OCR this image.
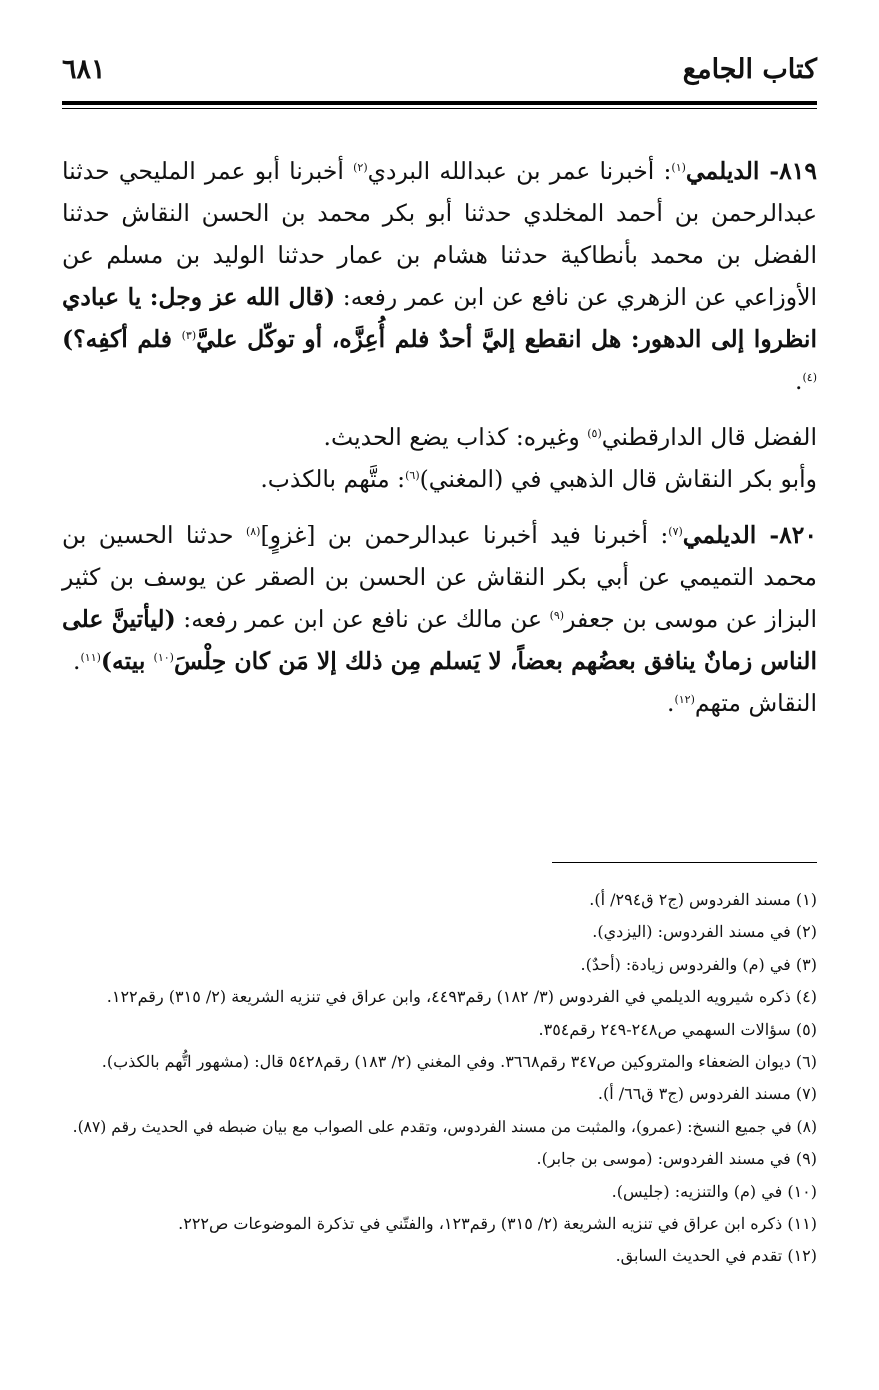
٦٨١	كتاب الجامع

٨١٩- الديلمي$^{(١)}$: أخبرنا عمر بن عبدالله البردي$^{(٢)}$ أخبرنا أبو عمر المليحي حدثنا عبدالرحمن بن أحمد المخلدي حدثنا أبو بكر محمد بن الحسن النقاش حدثنا الفضل بن محمد بأنطاكية حدثنا هشام بن عمار حدثنا الوليد بن مسلم عن الأوزاعي عن الزهري عن نافع عن ابن عمر رفعه: (قال الله عز وجل: يا عبادي انظروا إلى الدهور: هل انقطع إليَّ أحدٌ فلم أُعِزَّه، أو توكّل عليَّ$^{(٣)}$ فلم أكفِه؟)$^{(٤)}$.

الفضل قال الدارقطني$^{(٥)}$ وغيره: كذاب يضع الحديث.

وأبو بكر النقاش قال الذهبي في (المغني)$^{(٦)}$: متَّهم بالكذب.

٨٢٠- الديلمي$^{(٧)}$: أخبرنا فيد أخبرنا عبدالرحمن بن [غزوٍ]$^{(٨)}$ حدثنا الحسين بن محمد التميمي عن أبي بكر النقاش عن الحسن بن الصقر عن يوسف بن كثير البزاز عن موسى بن جعفر$^{(٩)}$ عن مالك عن نافع عن ابن عمر رفعه: (ليأتينَّ على الناس زمانٌ ينافق بعضُهم بعضاً، لا يَسلم مِن ذلك إلا مَن كان حِلْسَ$^{(١٠)}$ بيته)$^{(١١)}$.

النقاش متهم$^{(١٢)}$.

(١) مسند الفردوس (ج٢ ق٢٩٤/ أ).

(٢) في مسند الفردوس: (اليزدي).

(٣) في (م) والفردوس زيادة: (أحدٌ).

(٤) ذكره شيرويه الديلمي في الفردوس (٣/ ١٨٢) رقم٤٤٩٣، وابن عراق في تنزيه الشريعة (٢/ ٣١٥) رقم١٢٢.

(٥) سؤالات السهمي ص٢٤٨-٢٤٩ رقم٣٥٤.

(٦) ديوان الضعفاء والمتروكين ص٣٤٧ رقم٣٦٦٨. وفي المغني (٢/ ١٨٣) رقم٥٤٢٨ قال: (مشهور اتُّهم بالكذب).

(٧) مسند الفردوس (ج٣ ق٦٦/ أ).

(٨) في جميع النسخ: (عمرو)، والمثبت من مسند الفردوس، وتقدم على الصواب مع بيان ضبطه في الحديث رقم (٨٧).

(٩) في مسند الفردوس: (موسى بن جابر).

(١٠) في (م) والتنزيه: (جليس).

(١١) ذكره ابن عراق في تنزيه الشريعة (٢/ ٣١٥) رقم١٢٣، والفتّني في تذكرة الموضوعات ص٢٢٢.

(١٢) تقدم في الحديث السابق.
